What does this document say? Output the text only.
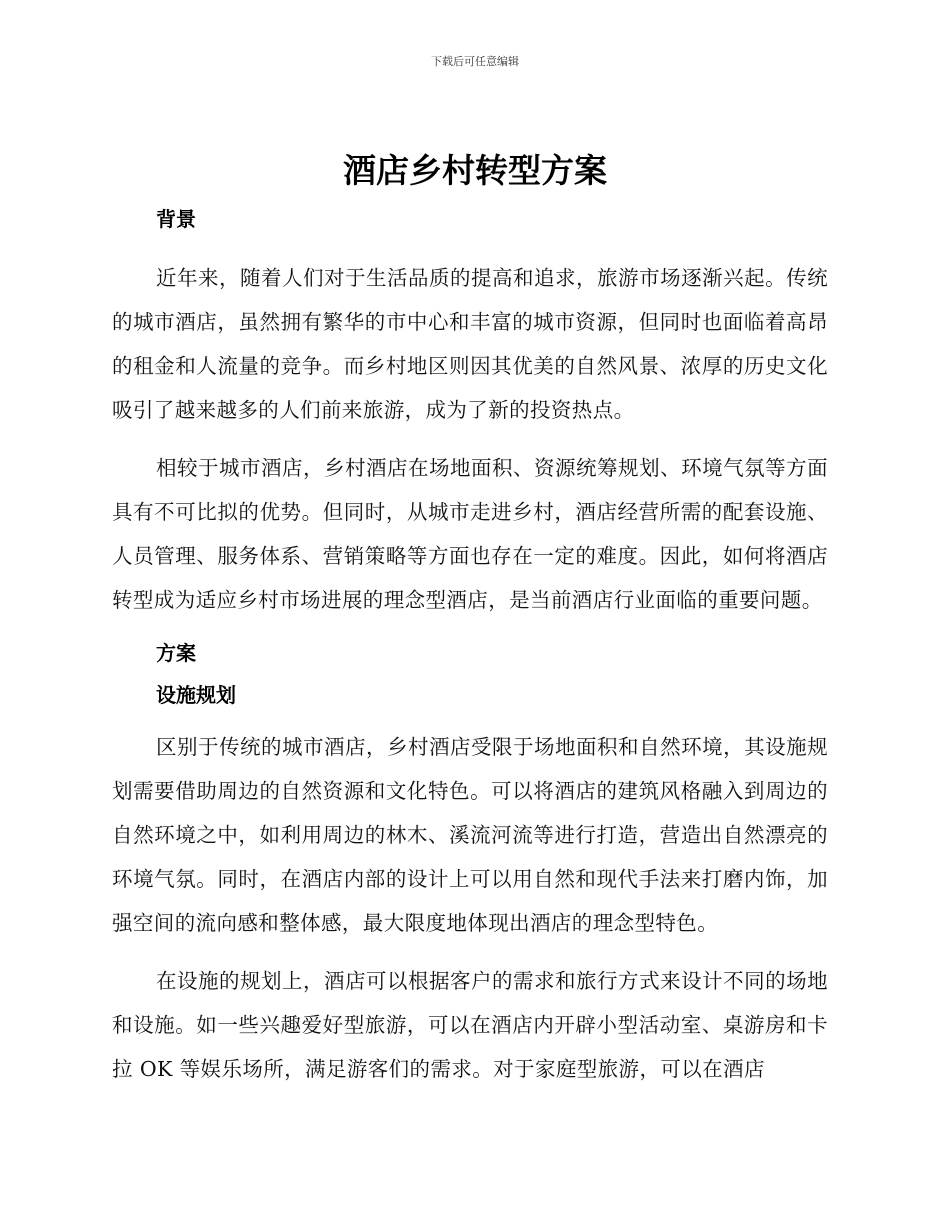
下载后可任意编辑
酒店乡村转型方案
背景

近年来，随着人们对于生活品质的提高和追求，旅游市场逐渐兴起。传统的城市酒店，虽然拥有繁华的市中心和丰富的城市资源，但同时也面临着高昂的租金和人流量的竞争。而乡村地区则因其优美的自然风景、浓厚的历史文化吸引了越来越多的人们前来旅游，成为了新的投资热点。

相较于城市酒店，乡村酒店在场地面积、资源统筹规划、环境气氛等方面具有不可比拟的优势。但同时，从城市走进乡村，酒店经营所需的配套设施、人员管理、服务体系、营销策略等方面也存在一定的难度。因此，如何将酒店转型成为适应乡村市场进展的理念型酒店，是当前酒店行业面临的重要问题。

方案
设施规划

区别于传统的城市酒店，乡村酒店受限于场地面积和自然环境，其设施规划需要借助周边的自然资源和文化特色。可以将酒店的建筑风格融入到周边的自然环境之中，如利用周边的林木、溪流河流等进行打造，营造出自然漂亮的环境气氛。同时，在酒店内部的设计上可以用自然和现代手法来打磨内饰，加强空间的流向感和整体感，最大限度地体现出酒店的理念型特色。

在设施的规划上，酒店可以根据客户的需求和旅行方式来设计不同的场地和设施。如一些兴趣爱好型旅游，可以在酒店内开辟小型活动室、桌游房和卡拉 OK 等娱乐场所，满足游客们的需求。对于家庭型旅游，可以在酒店
